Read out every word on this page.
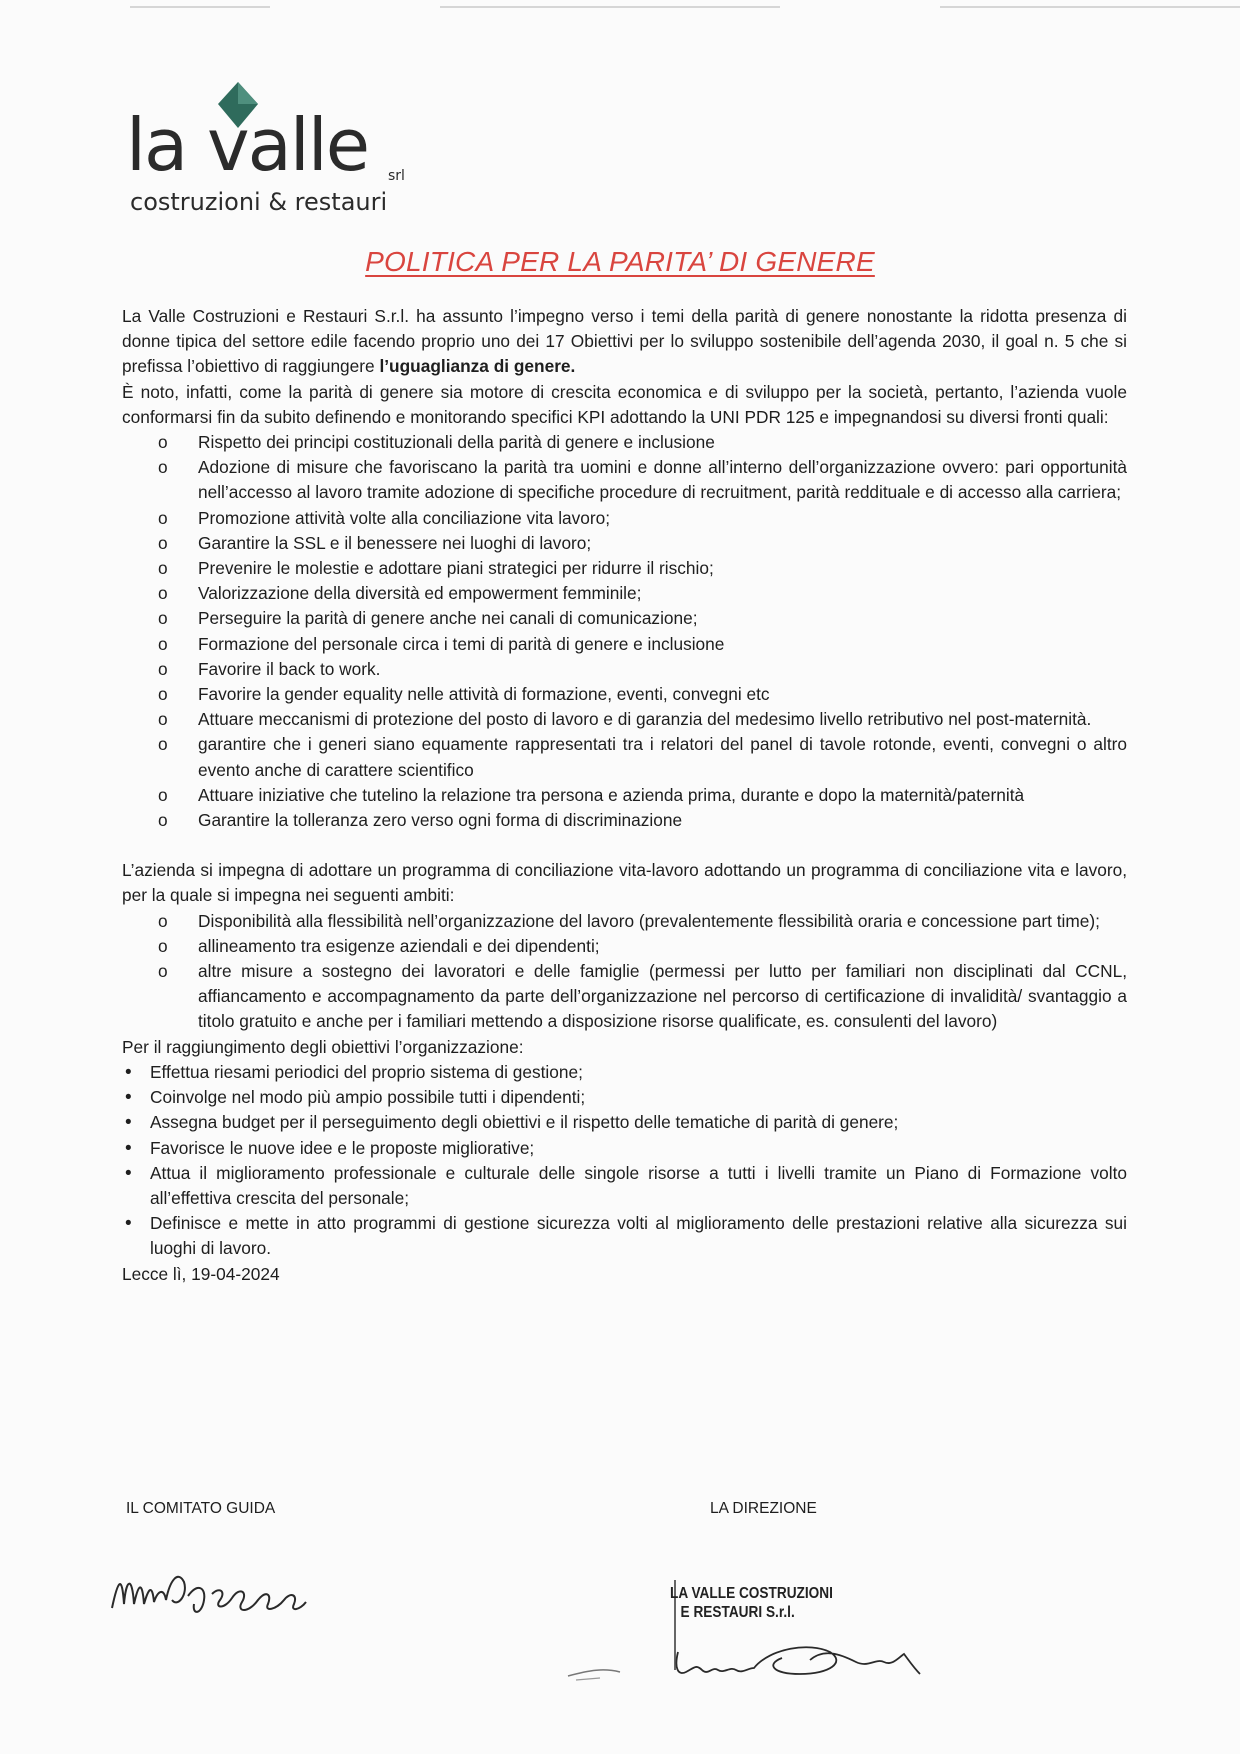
la valle srl
costruzioni & restauri
POLITICA PER LA PARITA’ DI GENERE

La Valle Costruzioni e Restauri S.r.l. ha assunto l’impegno verso i temi della parità di genere nonostante la ridotta presenza di donne tipica del settore edile facendo proprio uno dei 17 Obiettivi per lo sviluppo sostenibile dell’agenda 2030, il goal n. 5 che si prefissa l’obiettivo di raggiungere l’uguaglianza di genere.

È noto, infatti, come la parità di genere sia motore di crescita economica e di sviluppo per la società, pertanto, l’azienda vuole conformarsi fin da subito definendo e monitorando specifici KPI adottando la UNI PDR 125 e impegnandosi su diversi fronti quali:

o Rispetto dei principi costituzionali della parità di genere e inclusione
o Adozione di misure che favoriscano la parità tra uomini e donne all’interno dell’organizzazione ovvero: pari opportunità nell’accesso al lavoro tramite adozione di specifiche procedure di recruitment, parità reddituale e di accesso alla carriera;
o Promozione attività volte alla conciliazione vita lavoro;
o Garantire la SSL e il benessere nei luoghi di lavoro;
o Prevenire le molestie e adottare piani strategici per ridurre il rischio;
o Valorizzazione della diversità ed empowerment femminile;
o Perseguire la parità di genere anche nei canali di comunicazione;
o Formazione del personale circa i temi di parità di genere e inclusione
o Favorire il back to work.
o Favorire la gender equality nelle attività di formazione, eventi, convegni etc
o Attuare meccanismi di protezione del posto di lavoro e di garanzia del medesimo livello retributivo nel post-maternità.
o garantire che i generi siano equamente rappresentati tra i relatori del panel di tavole rotonde, eventi, convegni o altro evento anche di carattere scientifico
o Attuare iniziative che tutelino la relazione tra persona e azienda prima, durante e dopo la maternità/paternità
o Garantire la tolleranza zero verso ogni forma di discriminazione

L’azienda si impegna di adottare un programma di conciliazione vita-lavoro adottando un programma di conciliazione vita e lavoro, per la quale si impegna nei seguenti ambiti:

o Disponibilità alla flessibilità nell’organizzazione del lavoro (prevalentemente flessibilità oraria e concessione part time);
o allineamento tra esigenze aziendali e dei dipendenti;
o altre misure a sostegno dei lavoratori e delle famiglie (permessi per lutto per familiari non disciplinati dal CCNL, affiancamento e accompagnamento da parte dell’organizzazione nel percorso di certificazione di invalidità/ svantaggio a titolo gratuito e anche per i familiari mettendo a disposizione risorse qualificate, es. consulenti del lavoro)

Per il raggiungimento degli obiettivi l’organizzazione:

• Effettua riesami periodici del proprio sistema di gestione;
• Coinvolge nel modo più ampio possibile tutti i dipendenti;
• Assegna budget per il perseguimento degli obiettivi e il rispetto delle tematiche di parità di genere;
• Favorisce le nuove idee e le proposte migliorative;
• Attua il miglioramento professionale e culturale delle singole risorse a tutti i livelli tramite un Piano di Formazione volto all’effettiva crescita del personale;
• Definisce e mette in atto programmi di gestione sicurezza volti al miglioramento delle prestazioni relative alla sicurezza sui luoghi di lavoro.

Lecce lì, 19-04-2024

IL COMITATO GUIDA	LA DIREZIONE
LA VALLE COSTRUZIONI
E RESTAURI S.r.l.
